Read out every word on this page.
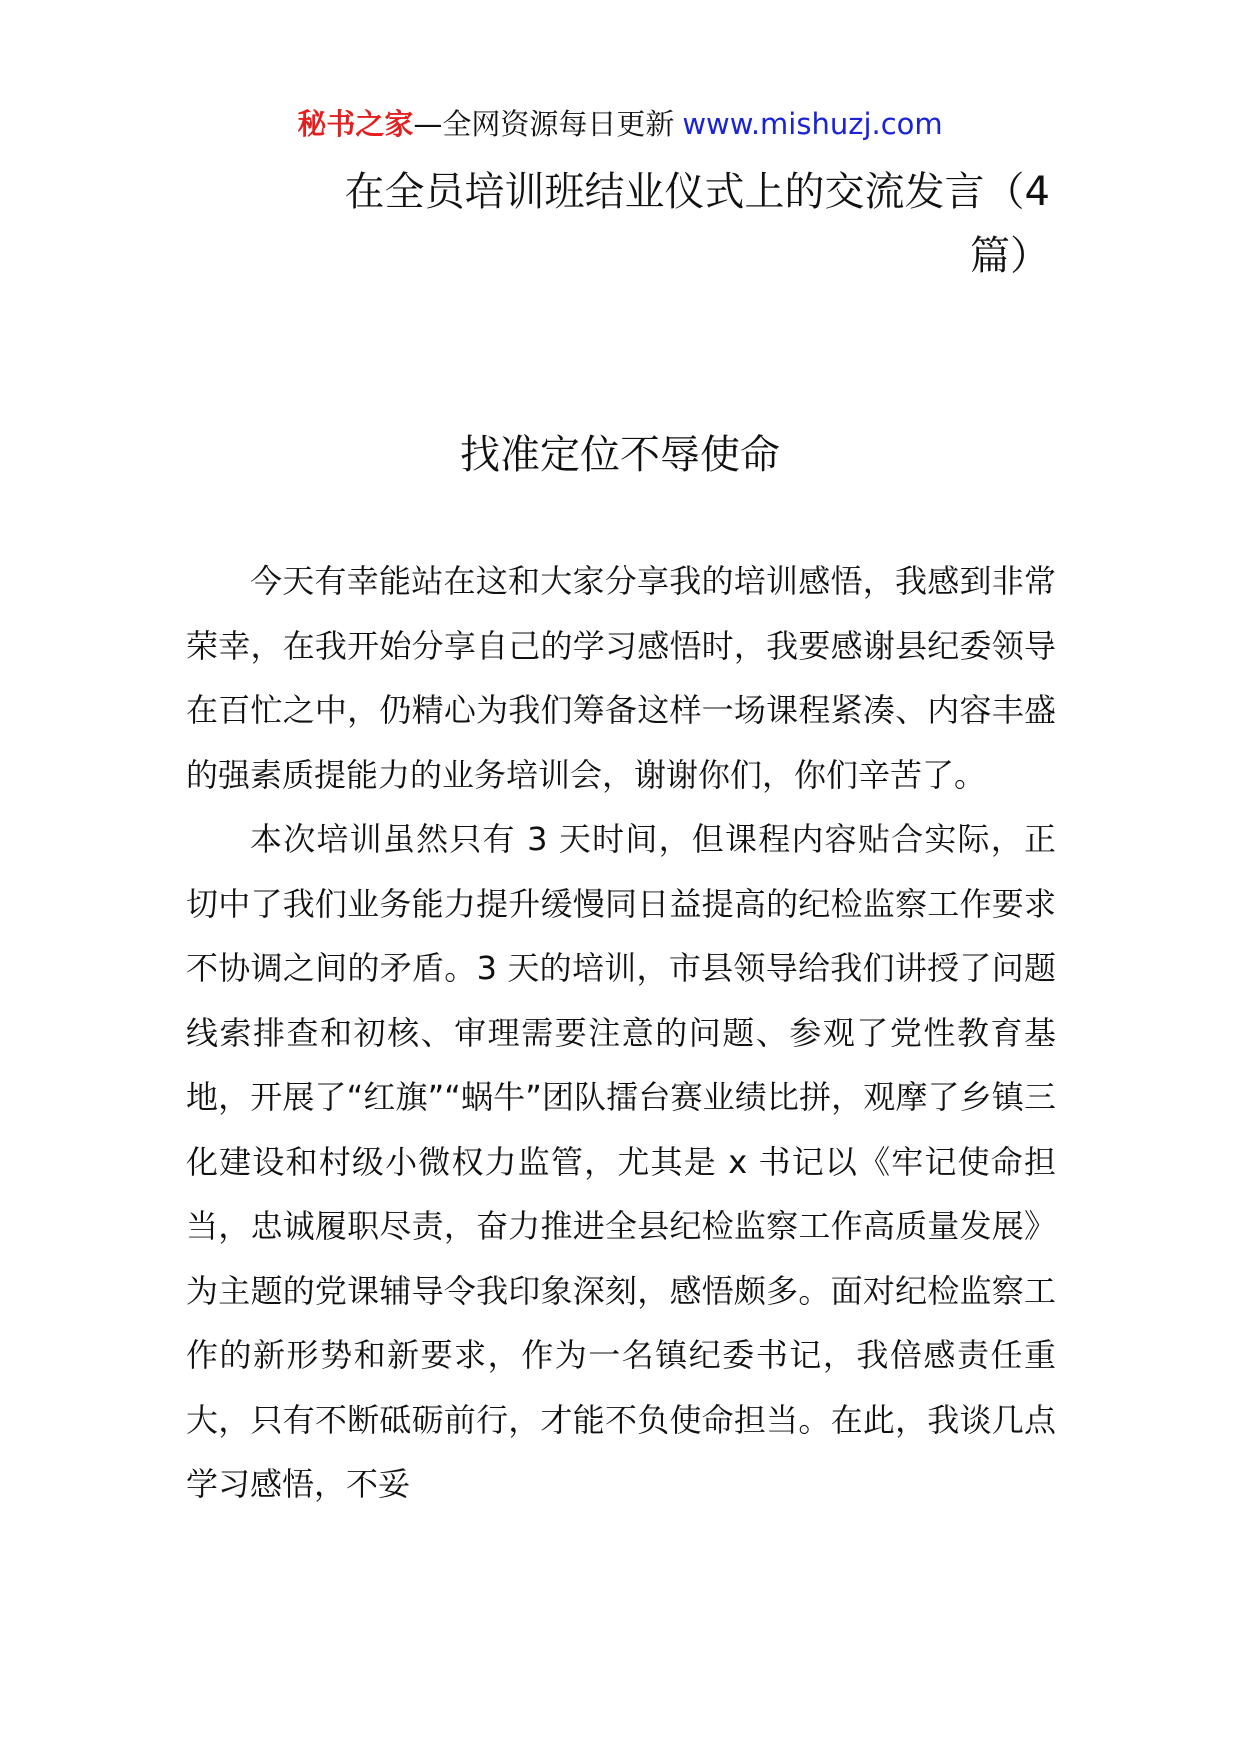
秘书之家—全网资源每日更新 www.mishuzj.com
在全员培训班结业仪式上的交流发言（4
篇）
找准定位不辱使命

今天有幸能站在这和大家分享我的培训感悟，我感到非常荣幸，在我开始分享自己的学习感悟时，我要感谢县纪委领导在百忙之中，仍精心为我们筹备这样一场课程紧凑、内容丰盛的强素质提能力的业务培训会，谢谢你们，你们辛苦了。

本次培训虽然只有 3 天时间，但课程内容贴合实际，正切中了我们业务能力提升缓慢同日益提高的纪检监察工作要求不协调之间的矛盾。3 天的培训，市县领导给我们讲授了问题线索排查和初核、审理需要注意的问题、参观了党性教育基地，开展了“红旗”“蜗牛”团队擂台赛业绩比拼，观摩了乡镇三化建设和村级小微权力监管，尤其是 x 书记以《牢记使命担当，忠诚履职尽责，奋力推进全县纪检监察工作高质量发展》为主题的党课辅导令我印象深刻，感悟颇多。面对纪检监察工作的新形势和新要求，作为一名镇纪委书记，我倍感责任重大，只有不断砥砺前行，才能不负使命担当。在此，我谈几点学习感悟，不妥
